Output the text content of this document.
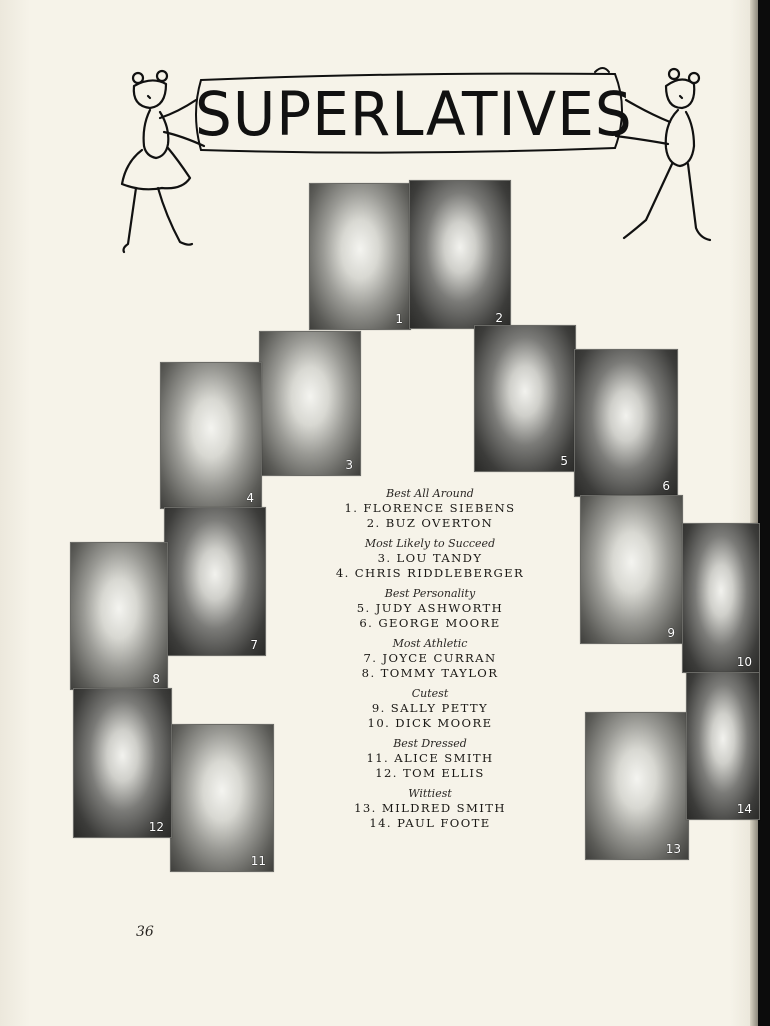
SUPERLATIVES
1	2
3
4
5
6
7
8
9
10
11
12
13
14
Best All Around
1. FLORENCE SIEBENS
2. BUZ OVERTON
Most Likely to Succeed
3. LOU TANDY
4. CHRIS RIDDLEBERGER
Best Personality
5. JUDY ASHWORTH
6. GEORGE MOORE
Most Athletic
7. JOYCE CURRAN
8. TOMMY TAYLOR
Cutest
9. SALLY PETTY
10. DICK MOORE
Best Dressed
11. ALICE SMITH
12. TOM ELLIS
Wittiest
13. MILDRED SMITH
14. PAUL FOOTE
36
